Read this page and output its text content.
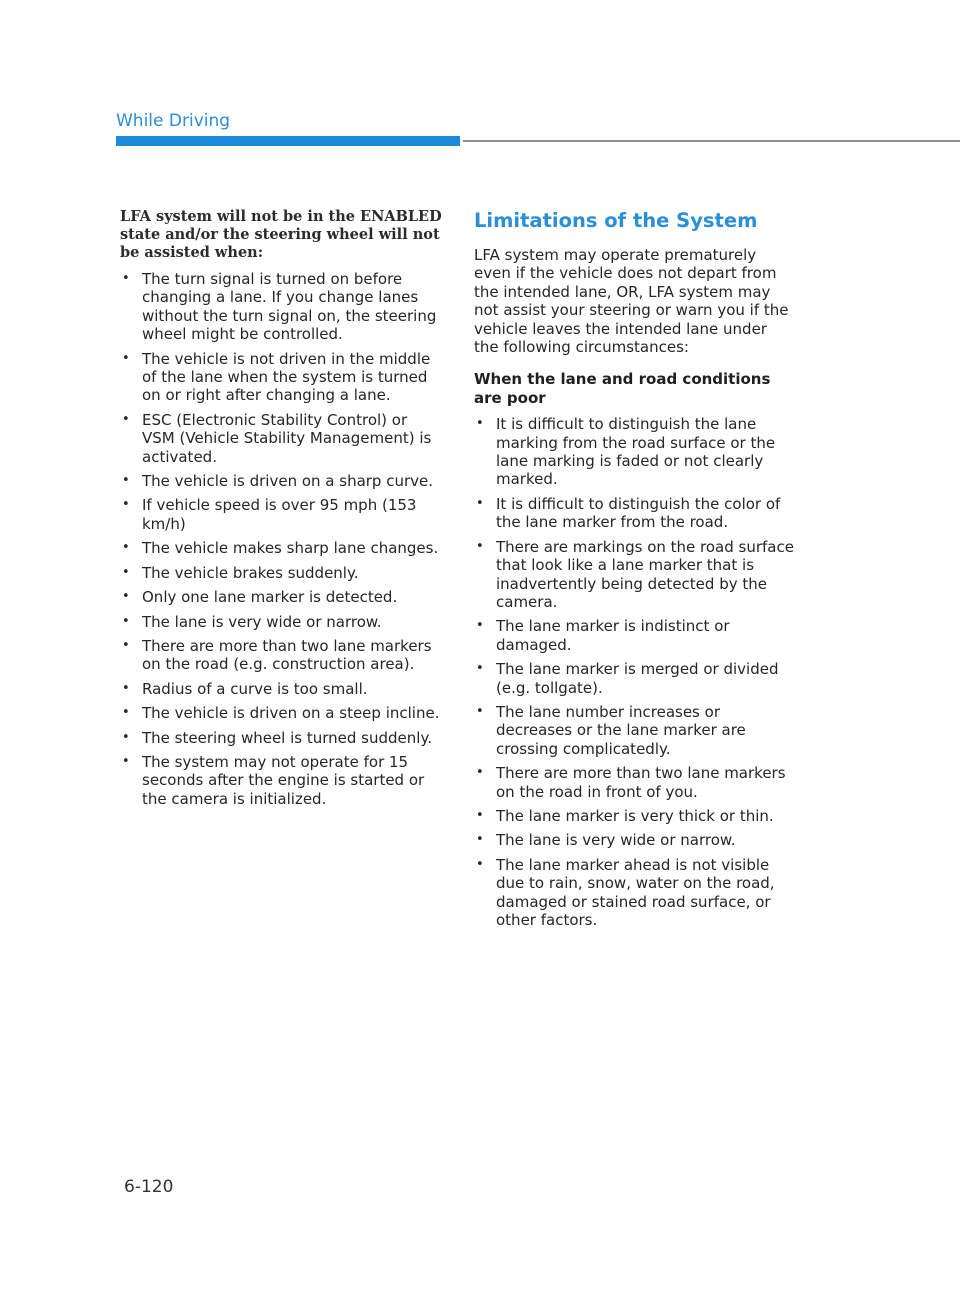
While Driving

LFA system will not be in the ENABLED state and/or the steering wheel will not be assisted when:

• The turn signal is turned on before changing a lane. If you change lanes without the turn signal on, the steering wheel might be controlled.
• The vehicle is not driven in the middle of the lane when the system is turned on or right after changing a lane.
• ESC (Electronic Stability Control) or VSM (Vehicle Stability Management) is activated.
• The vehicle is driven on a sharp curve.
• If vehicle speed is over 95 mph (153 km/h)
• The vehicle makes sharp lane changes.
• The vehicle brakes suddenly.
• Only one lane marker is detected.
• The lane is very wide or narrow.
• There are more than two lane markers on the road (e.g. construction area).
• Radius of a curve is too small.
• The vehicle is driven on a steep incline.
• The steering wheel is turned suddenly.
• The system may not operate for 15 seconds after the engine is started or the camera is initialized.
Limitations of the System

LFA system may operate prematurely even if the vehicle does not depart from the intended lane, OR, LFA system may not assist your steering or warn you if the vehicle leaves the intended lane under the following circumstances:

When the lane and road conditions are poor

• It is difficult to distinguish the lane marking from the road surface or the lane marking is faded or not clearly marked.
• It is difficult to distinguish the color of the lane marker from the road.
• There are markings on the road surface that look like a lane marker that is inadvertently being detected by the camera.
• The lane marker is indistinct or damaged.
• The lane marker is merged or divided (e.g. tollgate).
• The lane number increases or decreases or the lane marker are crossing complicatedly.
• There are more than two lane markers on the road in front of you.
• The lane marker is very thick or thin.
• The lane is very wide or narrow.
• The lane marker ahead is not visible due to rain, snow, water on the road, damaged or stained road surface, or other factors.
6-120
